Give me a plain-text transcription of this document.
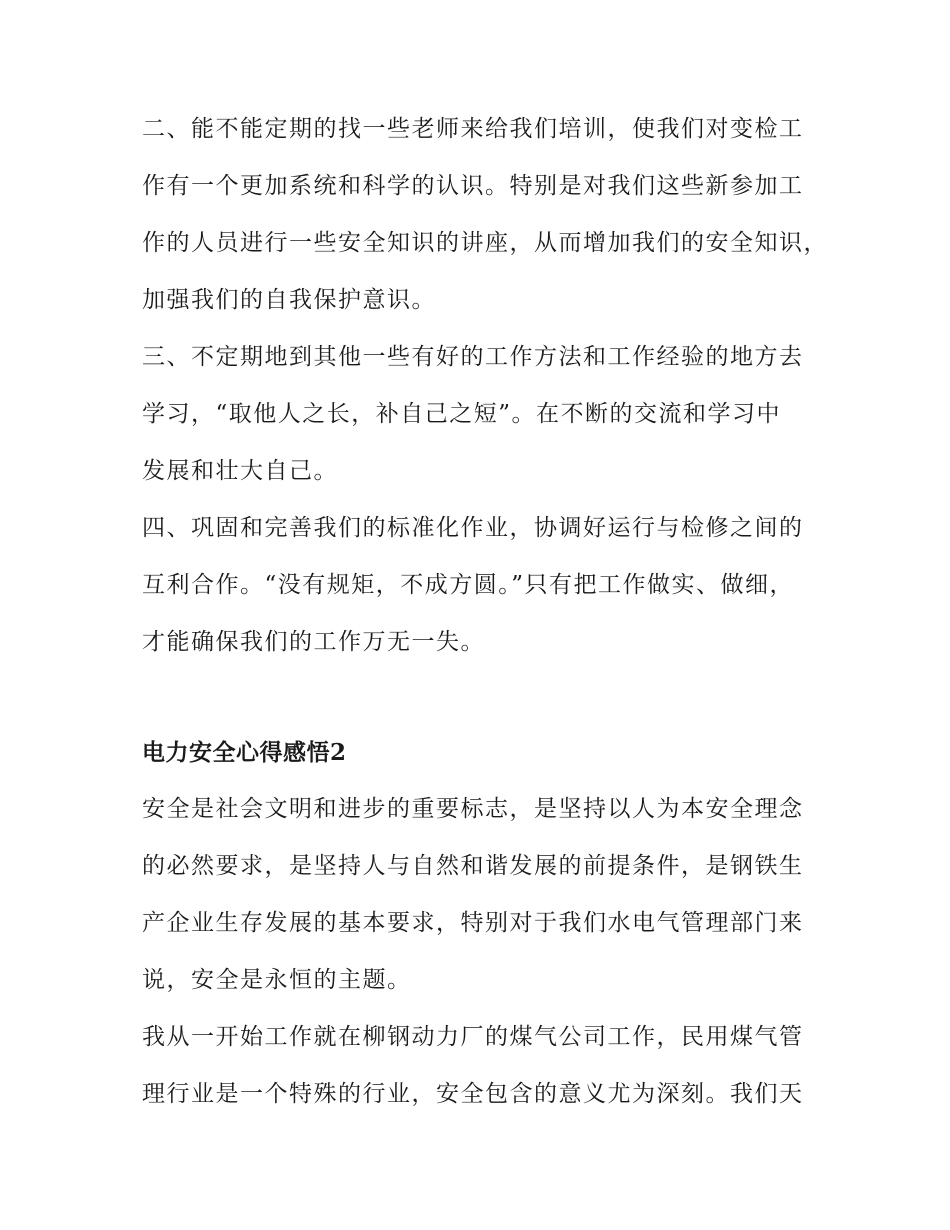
二、能不能定期的找一些老师来给我们培训，使我们对变检工
作有一个更加系统和科学的认识。特别是对我们这些新参加工
作的人员进行一些安全知识的讲座，从而增加我们的安全知识，
加强我们的自我保护意识。
三、不定期地到其他一些有好的工作方法和工作经验的地方去
学习，“取他人之长，补自己之短”。在不断的交流和学习中
发展和壮大自己。
四、巩固和完善我们的标准化作业，协调好运行与检修之间的
互利合作。“没有规矩，不成方圆。”只有把工作做实、做细，
才能确保我们的工作万无一失。
电力安全心得感悟2
安全是社会文明和进步的重要标志，是坚持以人为本安全理念
的必然要求，是坚持人与自然和谐发展的前提条件，是钢铁生
产企业生存发展的基本要求，特别对于我们水电气管理部门来
说，安全是永恒的主题。
我从一开始工作就在柳钢动力厂的煤气公司工作，民用煤气管
理行业是一个特殊的行业，安全包含的意义尤为深刻。我们天
